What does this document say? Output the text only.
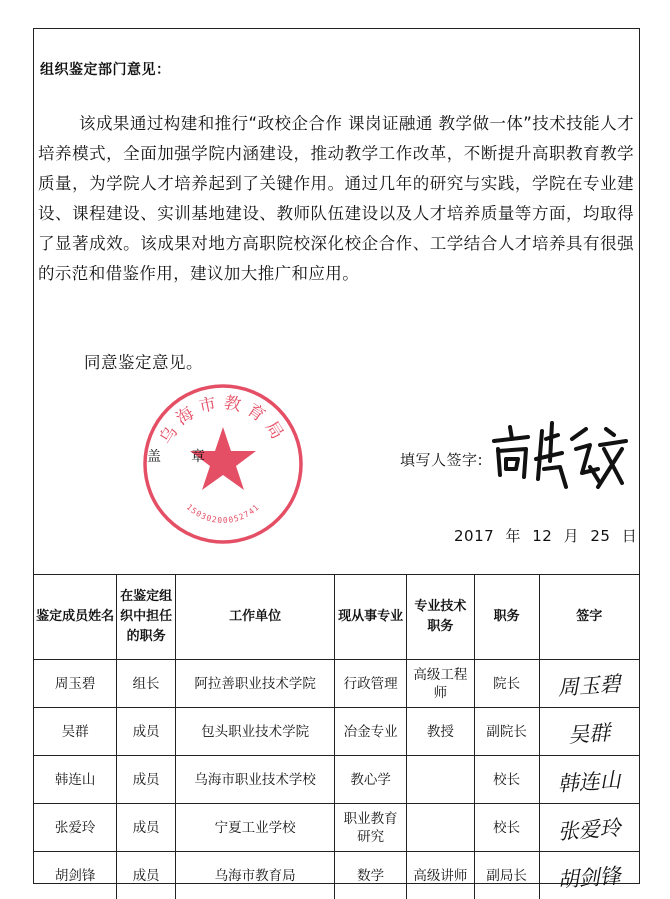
组织鉴定部门意见：

该成果通过构建和推行“政校企合作 课岗证融通 教学做一体”技术技能人才培养模式，全面加强学院内涵建设，推动教学工作改革，不断提升高职教育教学质量，为学院人才培养起到了关键作用。通过几年的研究与实践，学院在专业建设、课程建设、实训基地建设、教师队伍建设以及人才培养质量等方面，均取得了显著成效。该成果对地方高职院校深化校企合作、工学结合人才培养具有很强的示范和借鉴作用，建议加大推广和应用。

同意鉴定意见。
乌海市教育局
15030200052741
盖章	填写人签字:
2017 年 12 月 25 日
鉴定成员姓名	在鉴定组织中担任的职务	工作单位	现从事专业	专业技术职务	职务	签字
周玉碧	组长	阿拉善职业技术学院	行政管理	高级工程师	院长	周玉碧

吴群	成员	包头职业技术学院	冶金专业	教授	副院长	吴群

韩连山	成员	乌海市职业技术学校	教心学		校长	韩连山

张爱玲	成员	宁夏工业学校	职业教育研究		校长	张爱玲

胡剑锋	成员	乌海市教育局	数学	高级讲师	副局长	胡剑锋
